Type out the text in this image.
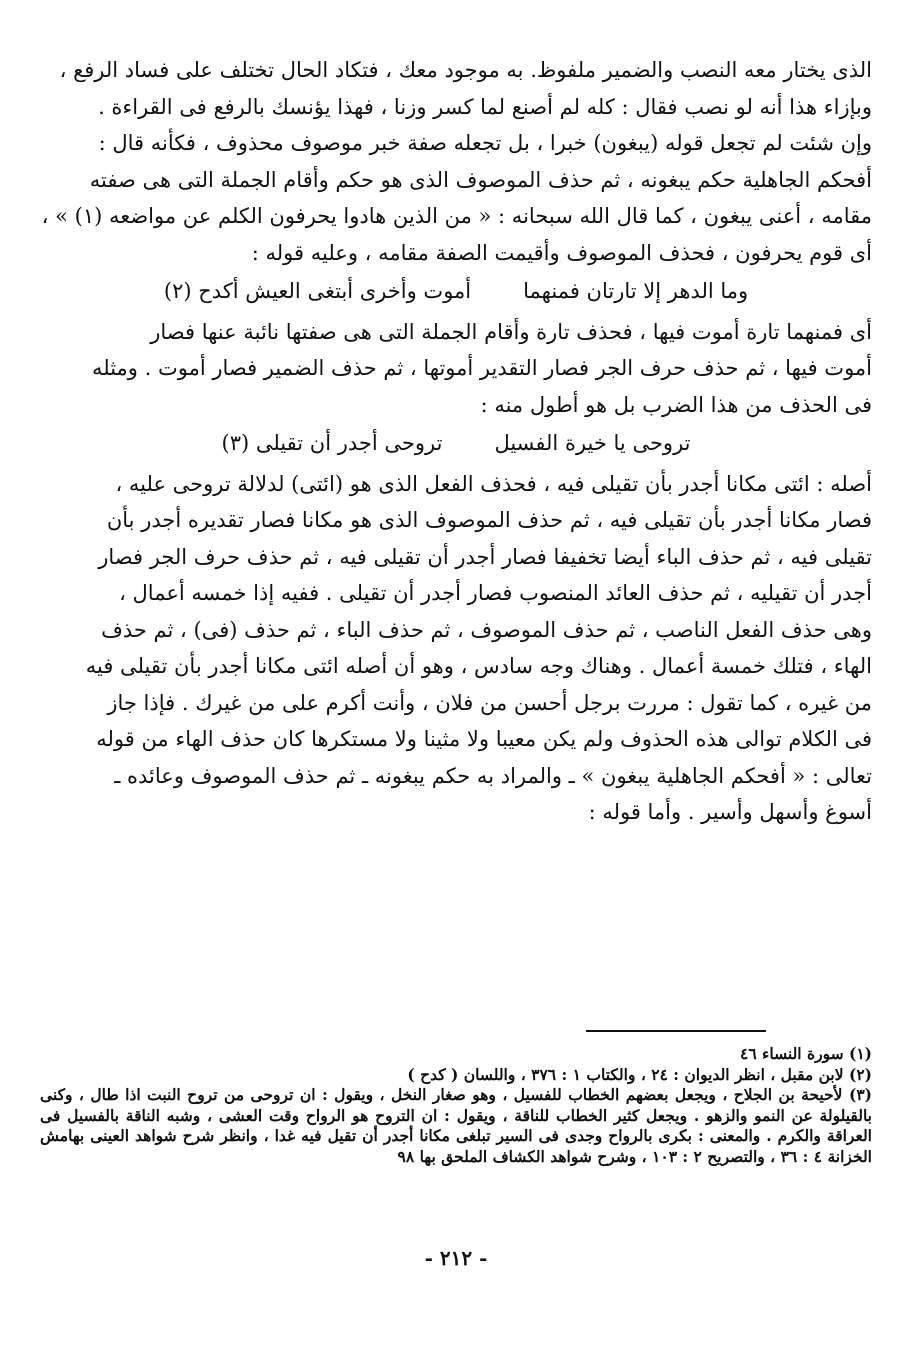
الذى يختار معه النصب والضمير ملفوظ. به موجود معك ، فتكاد الحال تختلف على فساد الرفع ،

وبإزاء هذا أنه لو نصب فقال : كله لم أصنع لما كسر وزنا ، فهذا يؤنسك بالرفع فى القراءة .

وإن شئت لم تجعل قوله (يبغون) خبرا ، بل تجعله صفة خبر موصوف محذوف ، فكأنه قال :

أفحكم الجاهلية حكم يبغونه ، ثم حذف الموصوف الذى هو حكم وأقام الجملة التى هى صفته

مقامه ، أعنى يبغون ، كما قال الله سبحانه : « من الذين هادوا يحرفون الكلم عن مواضعه (١) » ،

أى قوم يحرفون ، فحذف الموصوف وأقيمت الصفة مقامه ، وعليه قوله :

وما الدهر إلا تارتان فمنهما
أموت وأخرى أبتغى العيش أكدح (٢)

أى فمنهما تارة أموت فيها ، فحذف تارة وأقام الجملة التى هى صفتها نائبة عنها فصار

أموت فيها ، ثم حذف حرف الجر فصار التقدير أموتها ، ثم حذف الضمير فصار أموت . ومثله

فى الحذف من هذا الضرب بل هو أطول منه :

تروحى يا خيرة الفسيل
تروحى أجدر أن تقيلى (٣)

أصله : ائتى مكانا أجدر بأن تقيلى فيه ، فحذف الفعل الذى هو (ائتى) لدلالة تروحى عليه ،

فصار مكانا أجدر بأن تقيلى فيه ، ثم حذف الموصوف الذى هو مكانا فصار تقديره أجدر بأن

تقيلى فيه ، ثم حذف الباء أيضا تخفيفا فصار أجدر أن تقيلى فيه ، ثم حذف حرف الجر فصار

أجدر أن تقيليه ، ثم حذف العائد المنصوب فصار أجدر أن تقيلى . ففيه إذا خمسه أعمال ،

وهى حذف الفعل الناصب ، ثم حذف الموصوف ، ثم حذف الباء ، ثم حذف (فى) ، ثم حذف

الهاء ، فتلك خمسة أعمال . وهناك وجه سادس ، وهو أن أصله ائتى مكانا أجدر بأن تقيلى فيه

من غيره ، كما تقول : مررت برجل أحسن من فلان ، وأنت أكرم على من غيرك . فإذا جاز

فى الكلام توالى هذه الحذوف ولم يكن معيبا ولا مثينا ولا مستكرها كان حذف الهاء من قوله

تعالى : « أفحكم الجاهلية يبغون » ـ والمراد به حكم يبغونه ـ ثم حذف الموصوف وعائده ـ

أسوغ وأسهل وأسير . وأما قوله :

(١) سورة النساء ٤٦

(٢) لابن مقبل ، انظر الديوان : ٢٤ ، والكتاب ١ : ٣٧٦ ، واللسان ( كدح )

(٣) لأحيحة بن الجلاح ، ويجعل بعضهم الخطاب للفسيل ، وهو صغار النخل ، ويقول : ان تروحى من تروح النبت اذا طال ، وكنى بالقيلولة عن النمو والزهو . ويجعل كثير الخطاب للناقة ، ويقول : ان التروح هو الرواح وقت العشى ، وشبه الناقة بالفسيل فى العراقة والكرم . والمعنى : بكرى بالرواح وجدى فى السير تبلغى مكانا أجدر أن تقيل فيه غدا ، وانظر شرح شواهد العينى بهامش الخزانة ٤ : ٣٦ ، والتصريح ٢ : ١٠٣ ، وشرح شواهد الكشاف الملحق بها ٩٨

- ٢١٢ -
